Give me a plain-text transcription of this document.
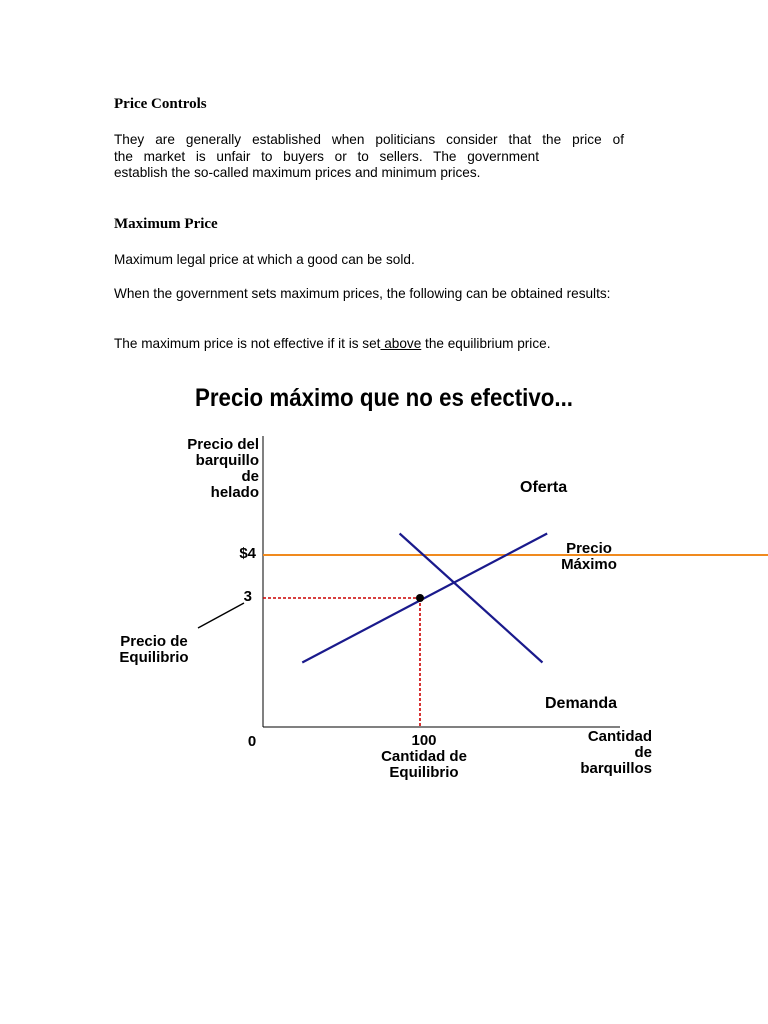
Price Controls

They are generally established when politicians consider that the price of
the market is unfair to buyers or to sellers. The government
establish the so-called maximum prices and minimum prices.

Maximum Price

Maximum legal price at which a good can be sold.

When the government sets maximum prices, the following can be obtained results:

The maximum price is not effective if it is set above the equilibrium price.

Precio máximo que no es efectivo...
Precio del
barquillo
de
helado
$4	Precio
Máximo
Oferta
Demanda
3
Precio de
Equilibrio
0	100
Cantidad de
Equilibrio
Cantidad
de
barquillos
